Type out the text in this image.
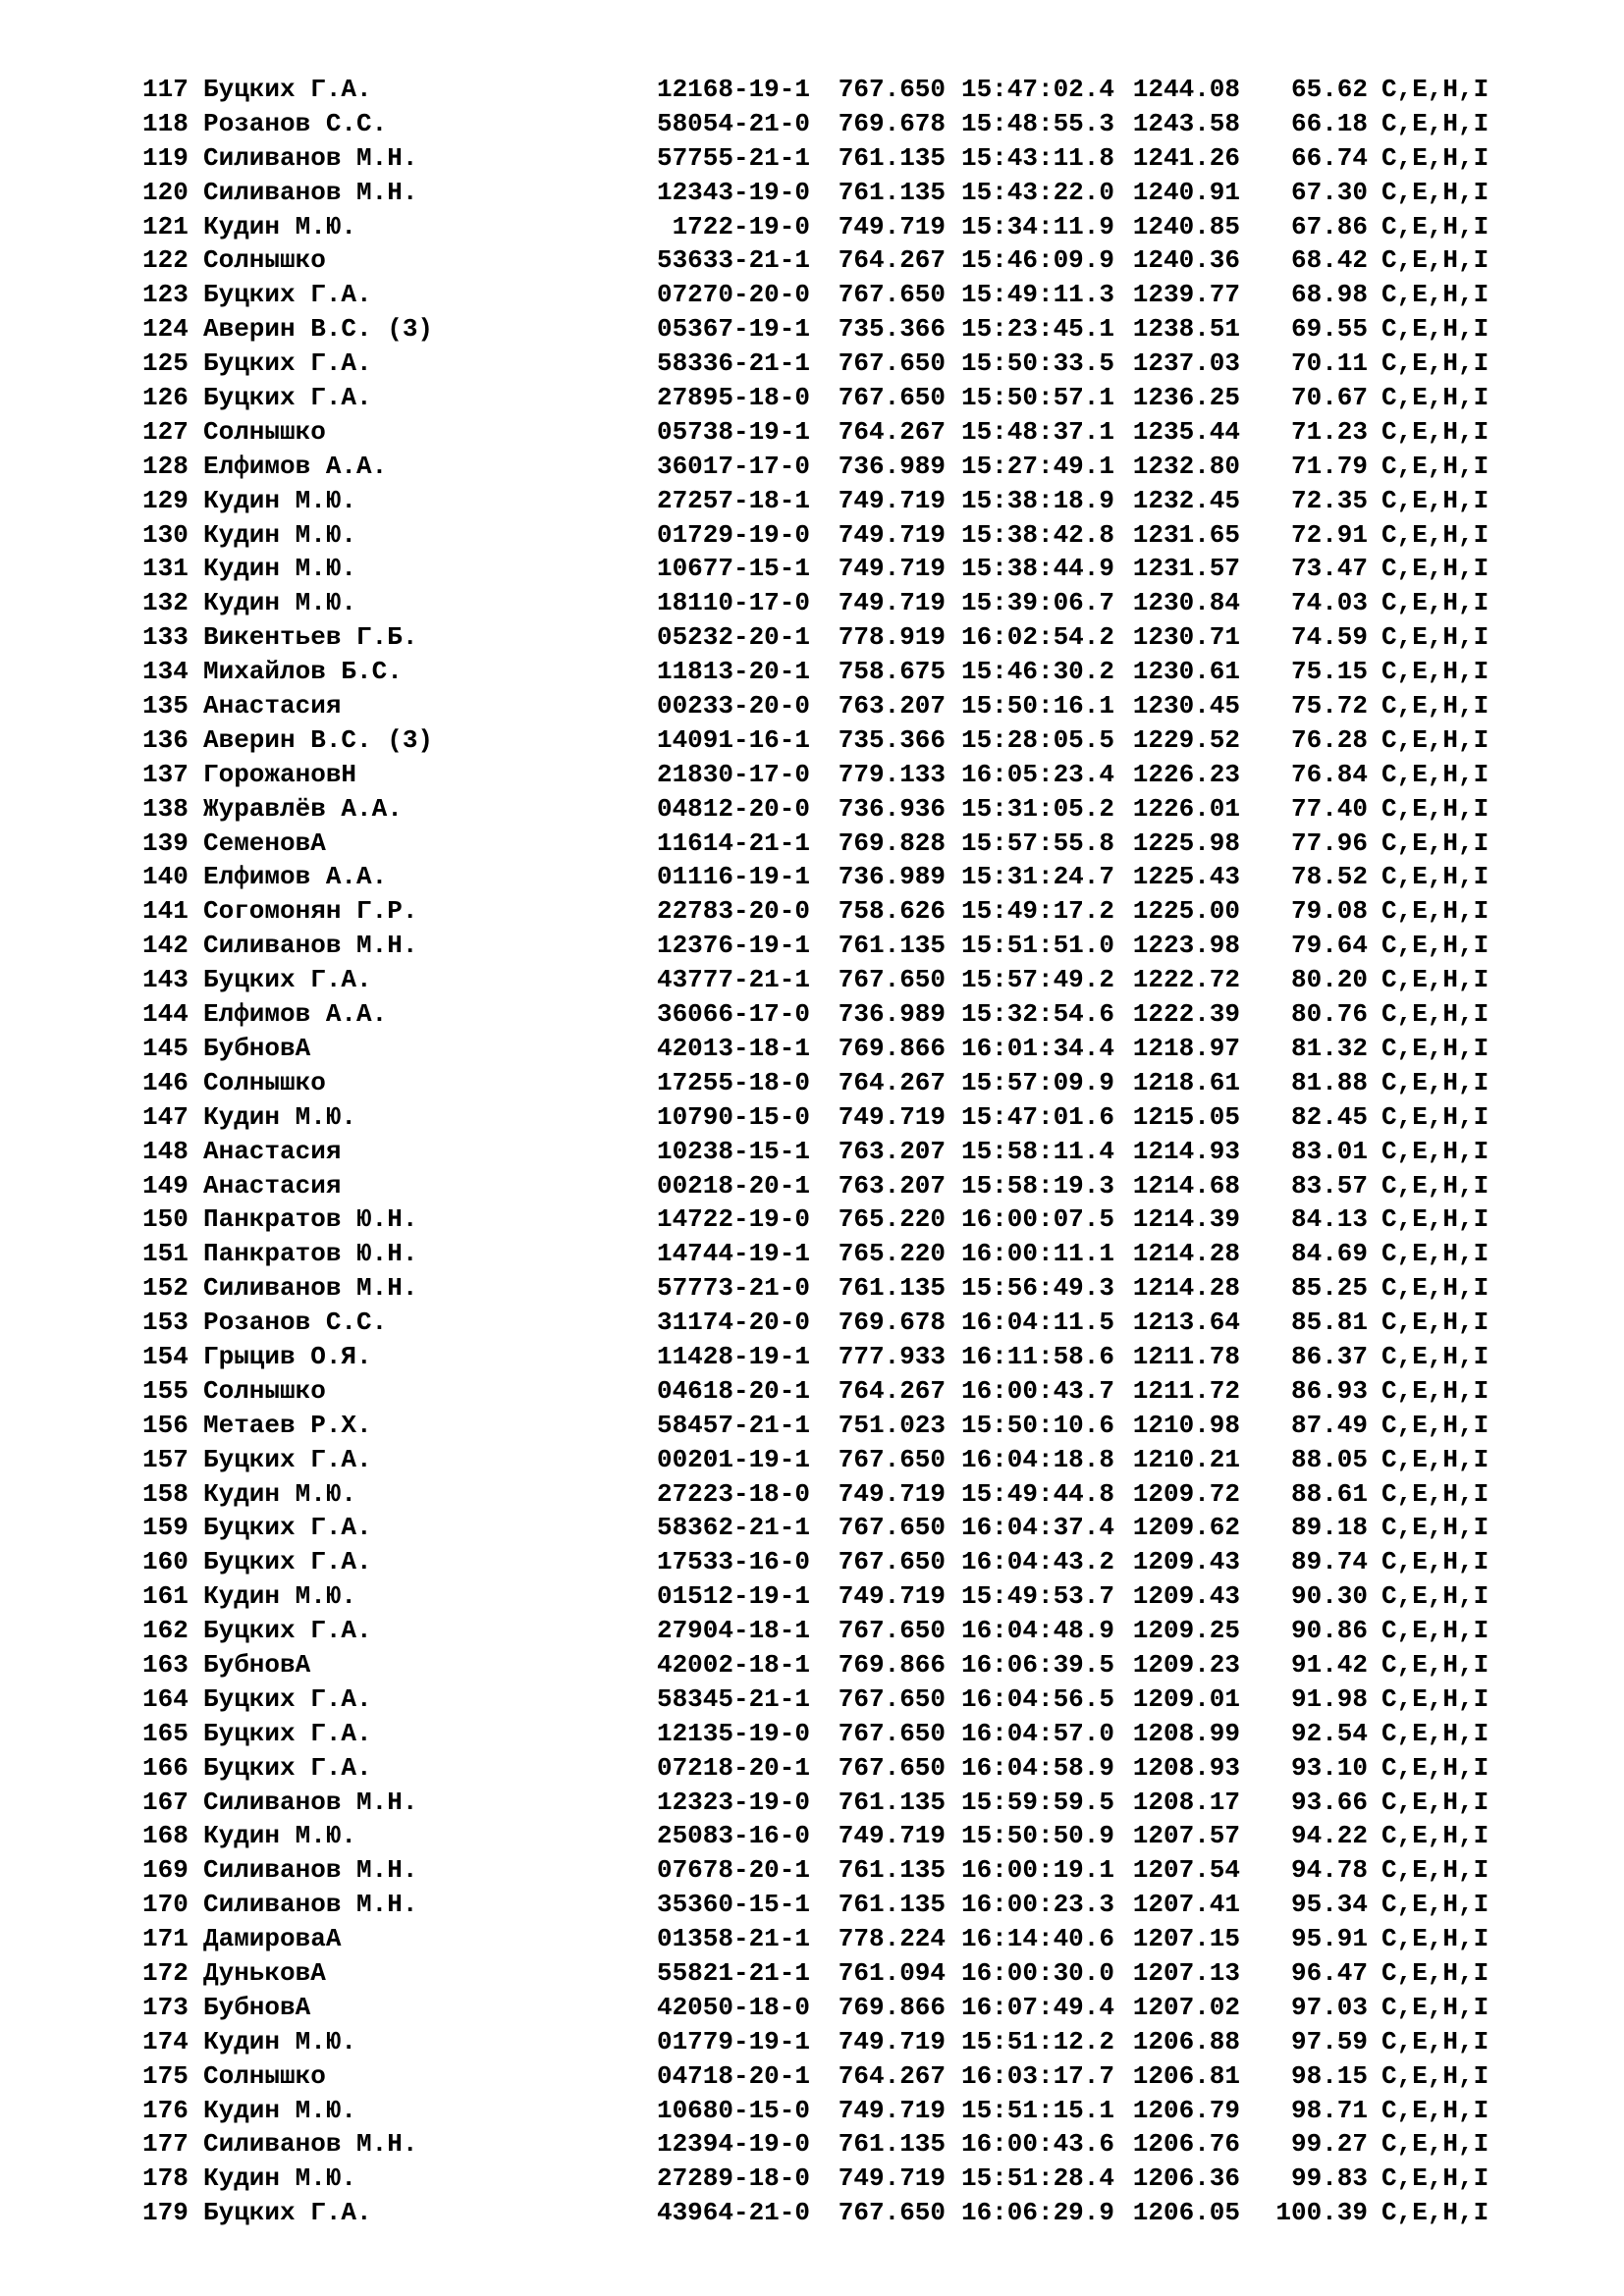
117 Буцких Г.А.	12168-19-1	767.650 15:47:02.4 1244.08	65.62 C,E,H,I
118 Розанов С.С.	58054-21-0	769.678 15:48:55.3 1243.58	66.18 C,E,H,I
119 Силиванов М.Н.	57755-21-1	761.135 15:43:11.8 1241.26	66.74 C,E,H,I
120 Силиванов М.Н.	12343-19-0	761.135 15:43:22.0 1240.91	67.30 C,E,H,I
121 Кудин М.Ю.	1722-19-0	749.719 15:34:11.9 1240.85	67.86 C,E,H,I
122 Солнышко	53633-21-1	764.267 15:46:09.9 1240.36	68.42 C,E,H,I
123 Буцких Г.А.	07270-20-0	767.650 15:49:11.3 1239.77	68.98 C,E,H,I
124 Аверин В.С. (3)	05367-19-1	735.366 15:23:45.1 1238.51	69.55 C,E,H,I
125 Буцких Г.А.	58336-21-1	767.650 15:50:33.5 1237.03	70.11 C,E,H,I
126 Буцких Г.А.	27895-18-0	767.650 15:50:57.1 1236.25	70.67 C,E,H,I
127 Солнышко	05738-19-1	764.267 15:48:37.1 1235.44	71.23 C,E,H,I
128 Елфимов А.А.	36017-17-0	736.989 15:27:49.1 1232.80	71.79 C,E,H,I
129 Кудин М.Ю.	27257-18-1	749.719 15:38:18.9 1232.45	72.35 C,E,H,I
130 Кудин М.Ю.	01729-19-0	749.719 15:38:42.8 1231.65	72.91 C,E,H,I
131 Кудин М.Ю.	10677-15-1	749.719 15:38:44.9 1231.57	73.47 C,E,H,I
132 Кудин М.Ю.	18110-17-0	749.719 15:39:06.7 1230.84	74.03 C,E,H,I
133 Викентьев Г.Б.	05232-20-1	778.919 16:02:54.2 1230.71	74.59 C,E,H,I
134 Михайлов Б.С.	11813-20-1	758.675 15:46:30.2 1230.61	75.15 C,E,H,I
135 Анастасия	00233-20-0	763.207 15:50:16.1 1230.45	75.72 C,E,H,I
136 Аверин В.С. (3)	14091-16-1	735.366 15:28:05.5 1229.52	76.28 C,E,H,I
137 ГорожановН	21830-17-0	779.133 16:05:23.4 1226.23	76.84 C,E,H,I
138 Журавлёв А.А.	04812-20-0	736.936 15:31:05.2 1226.01	77.40 C,E,H,I
139 СеменовА	11614-21-1	769.828 15:57:55.8 1225.98	77.96 C,E,H,I
140 Елфимов А.А.	01116-19-1	736.989 15:31:24.7 1225.43	78.52 C,E,H,I
141 Согомонян Г.Р.	22783-20-0	758.626 15:49:17.2 1225.00	79.08 C,E,H,I
142 Силиванов М.Н.	12376-19-1	761.135 15:51:51.0 1223.98	79.64 C,E,H,I
143 Буцких Г.А.	43777-21-1	767.650 15:57:49.2 1222.72	80.20 C,E,H,I
144 Елфимов А.А.	36066-17-0	736.989 15:32:54.6 1222.39	80.76 C,E,H,I
145 БубновА	42013-18-1	769.866 16:01:34.4 1218.97	81.32 C,E,H,I
146 Солнышко	17255-18-0	764.267 15:57:09.9 1218.61	81.88 C,E,H,I
147 Кудин М.Ю.	10790-15-0	749.719 15:47:01.6 1215.05	82.45 C,E,H,I
148 Анастасия	10238-15-1	763.207 15:58:11.4 1214.93	83.01 C,E,H,I
149 Анастасия	00218-20-1	763.207 15:58:19.3 1214.68	83.57 C,E,H,I
150 Панкратов Ю.Н.	14722-19-0	765.220 16:00:07.5 1214.39	84.13 C,E,H,I
151 Панкратов Ю.Н.	14744-19-1	765.220 16:00:11.1 1214.28	84.69 C,E,H,I
152 Силиванов М.Н.	57773-21-0	761.135 15:56:49.3 1214.28	85.25 C,E,H,I
153 Розанов С.С.	31174-20-0	769.678 16:04:11.5 1213.64	85.81 C,E,H,I
154 Грыцив О.Я.	11428-19-1	777.933 16:11:58.6 1211.78	86.37 C,E,H,I
155 Солнышко	04618-20-1	764.267 16:00:43.7 1211.72	86.93 C,E,H,I
156 Метаев Р.Х.	58457-21-1	751.023 15:50:10.6 1210.98	87.49 C,E,H,I
157 Буцких Г.А.	00201-19-1	767.650 16:04:18.8 1210.21	88.05 C,E,H,I
158 Кудин М.Ю.	27223-18-0	749.719 15:49:44.8 1209.72	88.61 C,E,H,I
159 Буцких Г.А.	58362-21-1	767.650 16:04:37.4 1209.62	89.18 C,E,H,I
160 Буцких Г.А.	17533-16-0	767.650 16:04:43.2 1209.43	89.74 C,E,H,I
161 Кудин М.Ю.	01512-19-1	749.719 15:49:53.7 1209.43	90.30 C,E,H,I
162 Буцких Г.А.	27904-18-1	767.650 16:04:48.9 1209.25	90.86 C,E,H,I
163 БубновА	42002-18-1	769.866 16:06:39.5 1209.23	91.42 C,E,H,I
164 Буцких Г.А.	58345-21-1	767.650 16:04:56.5 1209.01	91.98 C,E,H,I
165 Буцких Г.А.	12135-19-0	767.650 16:04:57.0 1208.99	92.54 C,E,H,I
166 Буцких Г.А.	07218-20-1	767.650 16:04:58.9 1208.93	93.10 C,E,H,I
167 Силиванов М.Н.	12323-19-0	761.135 15:59:59.5 1208.17	93.66 C,E,H,I
168 Кудин М.Ю.	25083-16-0	749.719 15:50:50.9 1207.57	94.22 C,E,H,I
169 Силиванов М.Н.	07678-20-1	761.135 16:00:19.1 1207.54	94.78 C,E,H,I
170 Силиванов М.Н.	35360-15-1	761.135 16:00:23.3 1207.41	95.34 C,E,H,I
171 ДамироваА	01358-21-1	778.224 16:14:40.6 1207.15	95.91 C,E,H,I
172 ДуньковА	55821-21-1	761.094 16:00:30.0 1207.13	96.47 C,E,H,I
173 БубновА	42050-18-0	769.866 16:07:49.4 1207.02	97.03 C,E,H,I
174 Кудин М.Ю.	01779-19-1	749.719 15:51:12.2 1206.88	97.59 C,E,H,I
175 Солнышко	04718-20-1	764.267 16:03:17.7 1206.81	98.15 C,E,H,I
176 Кудин М.Ю.	10680-15-0	749.719 15:51:15.1 1206.79	98.71 C,E,H,I
177 Силиванов М.Н.	12394-19-0	761.135 16:00:43.6 1206.76	99.27 C,E,H,I
178 Кудин М.Ю.	27289-18-0	749.719 15:51:28.4 1206.36	99.83 C,E,H,I
179 Буцких Г.А.	43964-21-0	767.650 16:06:29.9 1206.05	100.39 C,E,H,I
